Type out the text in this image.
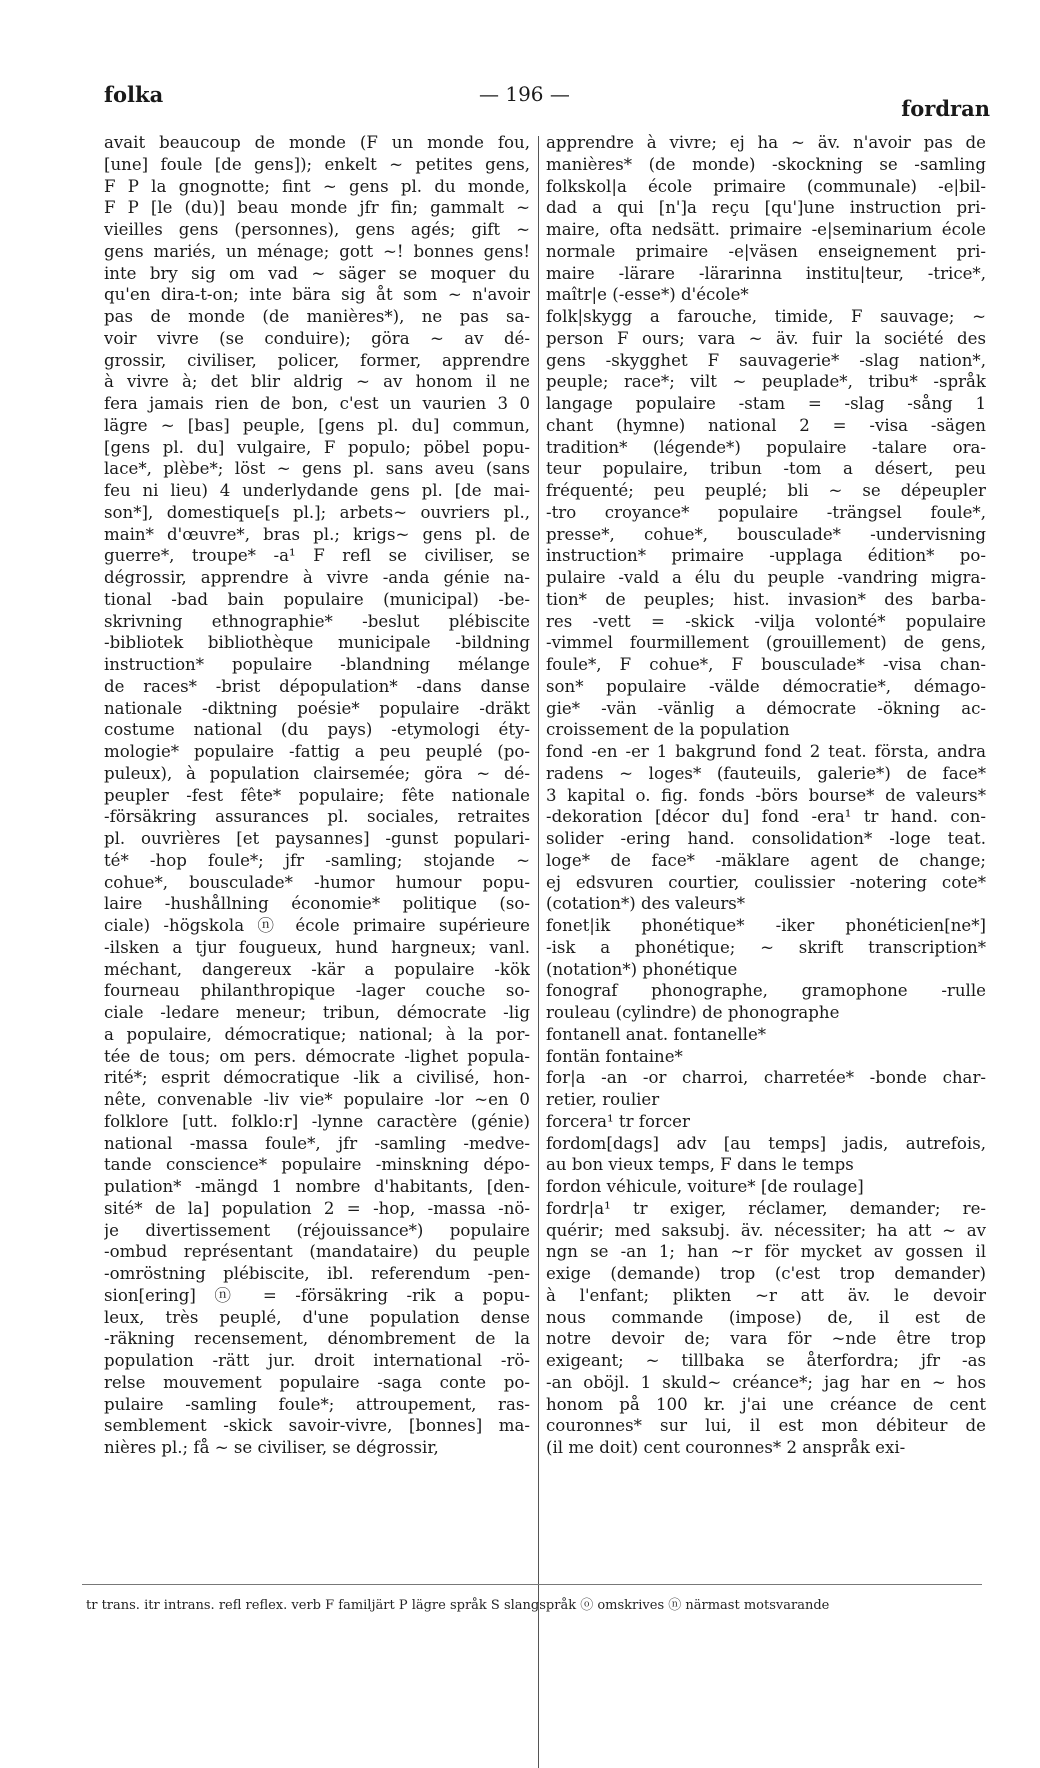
folka	— 196 —
fordran
avait beaucoup de monde (F un monde fou,
[une] foule [de gens]); enkelt ~ petites gens,
F P la gnognotte; fint ~ gens pl. du monde,
F P [le (du)] beau monde jfr fin; gammalt ~
vieilles gens (personnes), gens agés; gift ~
gens mariés, un ménage; gott ~! bonnes gens!
inte bry sig om vad ~ säger se moquer du
qu'en dira-t-on; inte bära sig åt som ~ n'avoir
pas de monde (de manières*), ne pas sa-
voir vivre (se conduire); göra ~ av dé-
grossir, civiliser, policer, former, apprendre
à vivre à; det blir aldrig ~ av honom il ne
fera jamais rien de bon, c'est un vaurien 3 0
lägre ~ [bas] peuple, [gens pl. du] commun,
[gens pl. du] vulgaire, F populo; pöbel popu-
lace*, plèbe*; löst ~ gens pl. sans aveu (sans
feu ni lieu) 4 underlydande gens pl. [de mai-
son*], domestique[s pl.]; arbets~ ouvriers pl.,
main* d'œuvre*, bras pl.; krigs~ gens pl. de
guerre*, troupe* -a¹ F refl se civiliser, se
dégrossir, apprendre à vivre -anda génie na-
tional -bad bain populaire (municipal) -be-
skrivning ethnographie* -beslut plébiscite
-bibliotek bibliothèque municipale -bildning
instruction* populaire -blandning mélange
de races* -brist dépopulation* -dans danse
nationale -diktning poésie* populaire -dräkt
costume national (du pays) -etymologi éty-
mologie* populaire -fattig a peu peuplé (po-
puleux), à population clairsemée; göra ~ dé-
peupler -fest fête* populaire; fête nationale
-försäkring assurances pl. sociales, retraites
pl. ouvrières [et paysannes] -gunst populari-
té* -hop foule*; jfr -samling; stojande ~
cohue*, bousculade* -humor humour popu-
laire -hushållning économie* politique (so-
ciale) -högskola ⓝ école primaire supérieure
-ilsken a tjur fougueux, hund hargneux; vanl.
méchant, dangereux -kär a populaire -kök
fourneau philanthropique -lager couche so-
ciale -ledare meneur; tribun, démocrate -lig
a populaire, démocratique; national; à la por-
tée de tous; om pers. démocrate -lighet popula-
rité*; esprit démocratique -lik a civilisé, hon-
nête, convenable -liv vie* populaire -lor ~en 0
folklore [utt. folklo:r] -lynne caractère (génie)
national -massa foule*, jfr -samling -medve-
tande conscience* populaire -minskning dépo-
pulation* -mängd 1 nombre d'habitants, [den-
sité* de la] population 2 = -hop, -massa -nö-
je divertissement (réjouissance*) populaire
-ombud représentant (mandataire) du peuple
-omröstning plébiscite, ibl. referendum -pen-
sion[ering] ⓝ = -försäkring -rik a popu-
leux, très peuplé, d'une population dense
-räkning recensement, dénombrement de la
population -rätt jur. droit international -rö-
relse mouvement populaire -saga conte po-
pulaire -samling foule*; attroupement, ras-
semblement -skick savoir-vivre, [bonnes] ma-
nières pl.; få ~ se civiliser, se dégrossir,
apprendre à vivre; ej ha ~ äv. n'avoir pas de
manières* (de monde) -skockning se -samling
folkskol|a école primaire (communale) -e|bil-
dad a qui [n']a reçu [qu']une instruction pri-
maire, ofta nedsätt. primaire -e|seminarium école
normale primaire -e|väsen enseignement pri-
maire -lärare -lärarinna institu|teur, -trice*,
maîtr|e (-esse*) d'école*
folk|skygg a farouche, timide, F sauvage; ~
person F ours; vara ~ äv. fuir la société des
gens -skygghet F sauvagerie* -slag nation*,
peuple; race*; vilt ~ peuplade*, tribu* -språk
langage populaire -stam = -slag -sång 1
chant (hymne) national 2 = -visa -sägen
tradition* (légende*) populaire -talare ora-
teur populaire, tribun -tom a désert, peu
fréquenté; peu peuplé; bli ~ se dépeupler
-tro croyance* populaire -trängsel foule*,
presse*, cohue*, bousculade* -undervisning
instruction* primaire -upplaga édition* po-
pulaire -vald a élu du peuple -vandring migra-
tion* de peuples; hist. invasion* des barba-
res -vett = -skick -vilja volonté* populaire
-vimmel fourmillement (grouillement) de gens,
foule*, F cohue*, F bousculade* -visa chan-
son* populaire -välde démocratie*, démago-
gie* -vän -vänlig a démocrate -ökning ac-
croissement de la population
fond -en -er 1 bakgrund fond 2 teat. första, andra
radens ~ loges* (fauteuils, galerie*) de face*
3 kapital o. fig. fonds -börs bourse* de valeurs*
-dekoration [décor du] fond -era¹ tr hand. con-
solider -ering hand. consolidation* -loge teat.
loge* de face* -mäklare agent de change;
ej edsvuren courtier, coulissier -notering cote*
(cotation*) des valeurs*
fonet|ik phonétique* -iker phonéticien[ne*]
-isk a phonétique; ~ skrift transcription*
(notation*) phonétique
fonograf phonographe, gramophone -rulle
rouleau (cylindre) de phonographe
fontanell anat. fontanelle*
fontän fontaine*
for|a -an -or charroi, charretée* -bonde char-
retier, roulier
forcera¹ tr forcer
fordom[dags] adv [au temps] jadis, autrefois,
au bon vieux temps, F dans le temps
fordon véhicule, voiture* [de roulage]
fordr|a¹ tr exiger, réclamer, demander; re-
quérir; med saksubj. äv. nécessiter; ha att ~ av
ngn se -an 1; han ~r för mycket av gossen il
exige (demande) trop (c'est trop demander)
à l'enfant; plikten ~r att äv. le devoir
nous commande (impose) de, il est de
notre devoir de; vara för ~nde être trop
exigeant; ~ tillbaka se återfordra; jfr -as
-an oböjl. 1 skuld~ créance*; jag har en ~ hos
honom på 100 kr. j'ai une créance de cent
couronnes* sur lui, il est mon débiteur de
(il me doit) cent couronnes* 2 anspråk exi-
tr trans. itr intrans. refl reflex. verb F familjärt P lägre språk S slangspråk ⓞ omskrives ⓝ närmast motsvarande
